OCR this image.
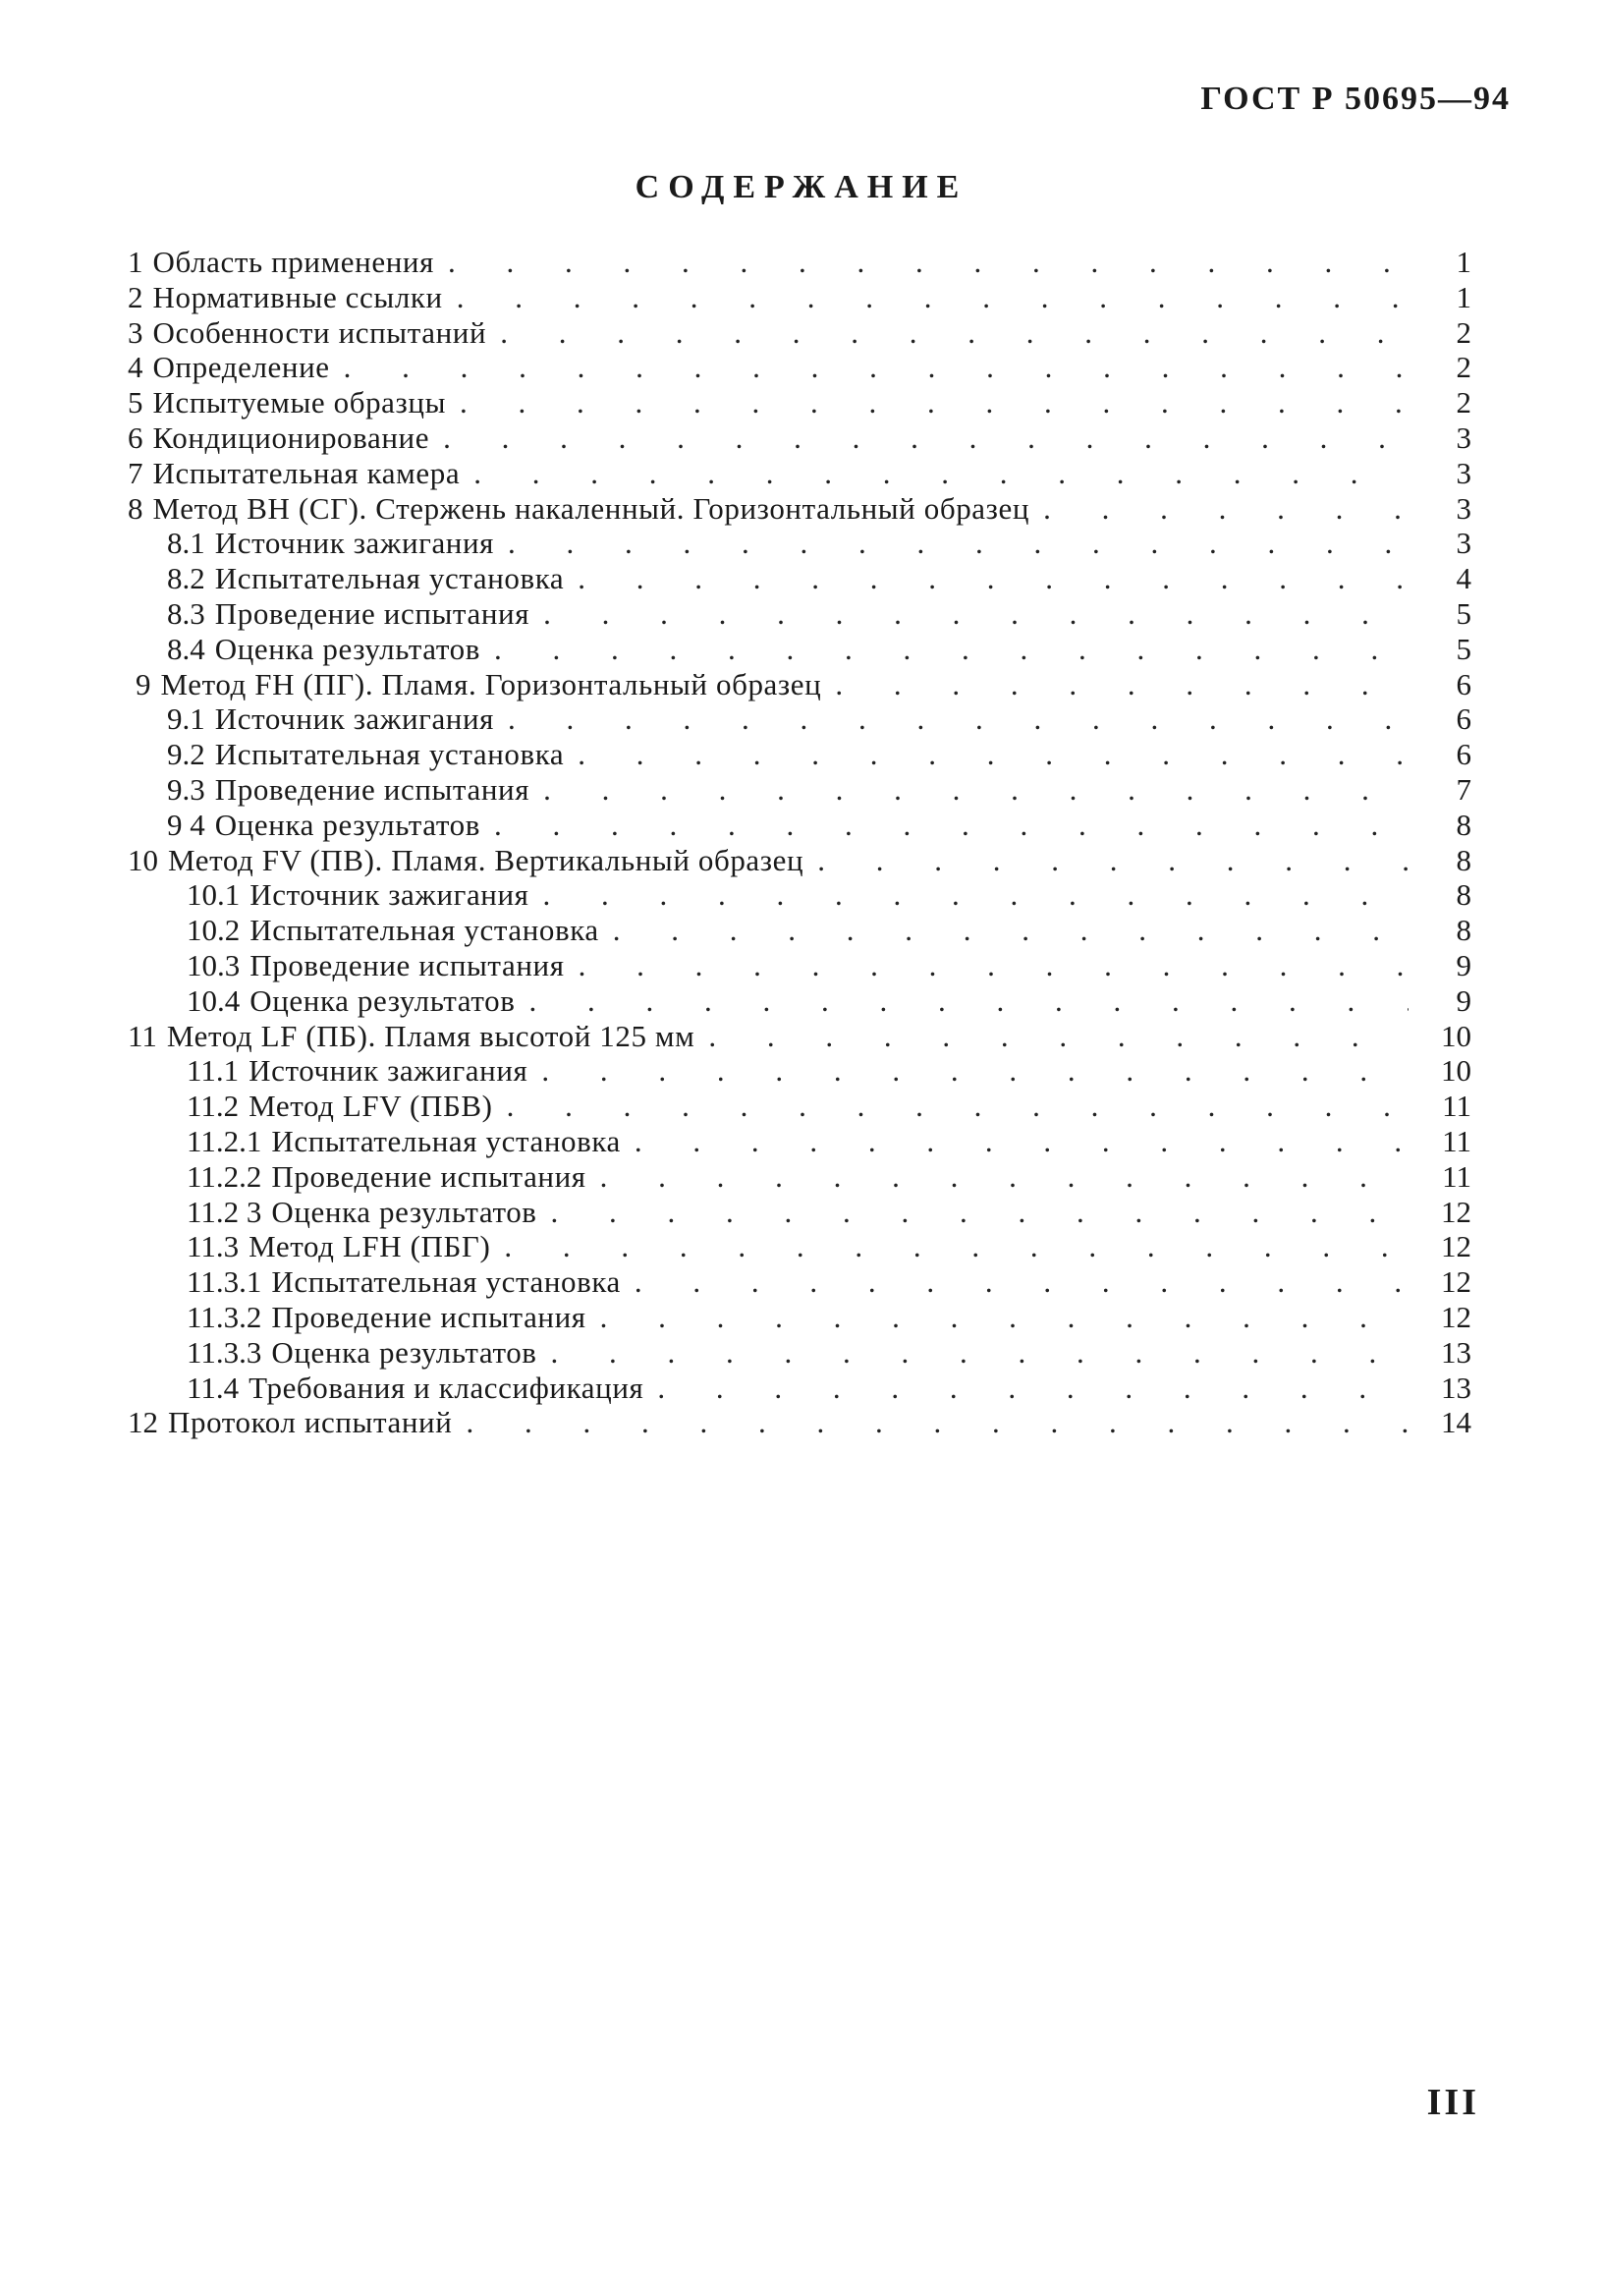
ГОСТ Р 50695—94
СОДЕРЖАНИЕ
1 Область применения . . .	1
2 Нормативные ссылки . . .	1
3 Особенности испытаний . . .	2
4 Определение . . .	2
5 Испытуемые образцы . . .	2
6 Кондиционирование . . .	3
7 Испытательная камера . . .	3
8 Метод BH (СГ). Стержень накаленный. Горизонтальный образец . . .	3
8.1 Источник зажигания . . .	3
8.2 Испытательная установка . . .	4
8.3 Проведение испытания . . .	5
8.4 Оценка результатов . . .	5
9 Метод FH (ПГ). Пламя. Горизонтальный образец . . .	6
9.1 Источник зажигания . . .	6
9.2 Испытательная установка . . .	6
9.3 Проведение испытания . . .	7
9 4 Оценка результатов . . .	8
10 Метод FV (ПВ). Пламя. Вертикальный образец . . .	8
10.1 Источник зажигания . . .	8
10.2 Испытательная установка . . .	8
10.3 Проведение испытания . . .	9
10.4 Оценка результатов . . .	9
11 Метод LF (ПБ). Пламя высотой 125 мм . . .	10
11.1 Источник зажигания . . .	10
11.2 Метод LFV (ПБВ) . . .	11
11.2.1 Испытательная установка . . .	11
11.2.2 Проведение испытания . . .	11
11.2 3 Оценка результатов . . .	12
11.3 Метод LFH (ПБГ) . . .	12
11.3.1 Испытательная установка . . .	12
11.3.2 Проведение испытания . . .	12
11.3.3 Оценка результатов . . .	13
11.4 Требования и классификация . . .	13
12 Протокол испытаний . . .	14
III
